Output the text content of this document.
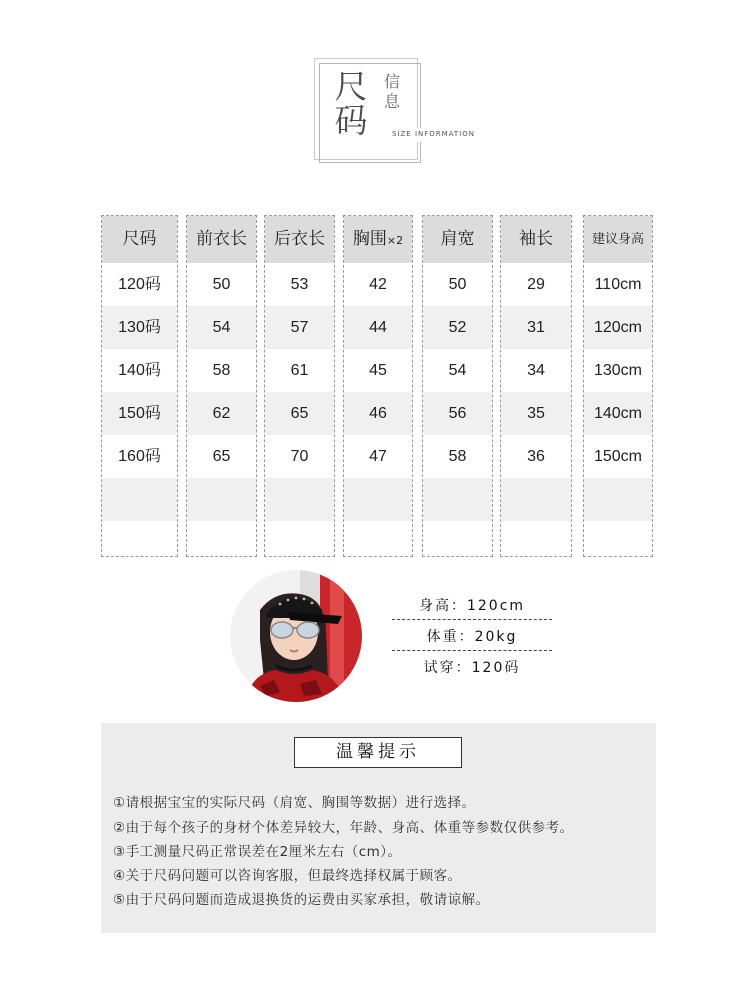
尺码
信息
SIZE INFORMATION
尺码
120码
130码
140码
150码
160码
前衣长
50
54
58
62
65
后衣长
53
57
61
65
70
胸围×2
42
44
45
46
47
肩宽
50
52
54
56
58
袖长
29
31
34
35
36
建议身高
110cm
120cm
130cm
140cm
150cm
身高：120cm
体重：20kg
试穿：120码
温馨提示
①请根据宝宝的实际尺码（肩宽、胸围等数据）进行选择。
②由于每个孩子的身材个体差异较大，年龄、身高、体重等参数仅供参考。
③手工测量尺码正常误差在2厘米左右（cm）。
④关于尺码问题可以咨询客服，但最终选择权属于顾客。
⑤由于尺码问题而造成退换货的运费由买家承担，敬请谅解。
